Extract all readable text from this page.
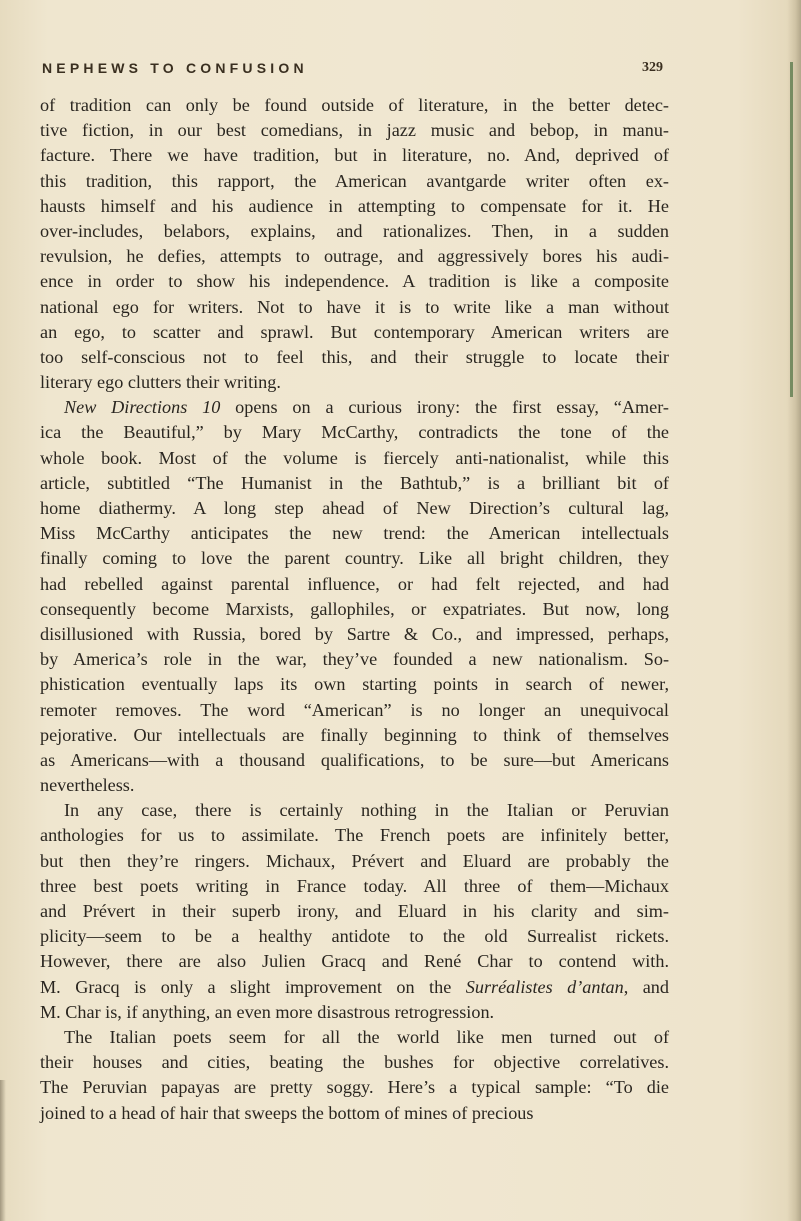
NEPHEWS TO CONFUSION	329
of tradition can only be found outside of literature, in the better detec-
tive fiction, in our best comedians, in jazz music and bebop, in manu-
facture. There we have tradition, but in literature, no. And, deprived of
this tradition, this rapport, the American avantgarde writer often ex-
hausts himself and his audience in attempting to compensate for it. He
over-includes, belabors, explains, and rationalizes. Then, in a sudden
revulsion, he defies, attempts to outrage, and aggressively bores his audi-
ence in order to show his independence. A tradition is like a composite
national ego for writers. Not to have it is to write like a man without
an ego, to scatter and sprawl. But contemporary American writers are
too self-conscious not to feel this, and their struggle to locate their
literary ego clutters their writing.
New Directions 10 opens on a curious irony: the first essay, “Amer-
ica the Beautiful,” by Mary McCarthy, contradicts the tone of the
whole book. Most of the volume is fiercely anti-nationalist, while this
article, subtitled “The Humanist in the Bathtub,” is a brilliant bit of
home diathermy. A long step ahead of New Direction’s cultural lag,
Miss McCarthy anticipates the new trend: the American intellectuals
finally coming to love the parent country. Like all bright children, they
had rebelled against parental influence, or had felt rejected, and had
consequently become Marxists, gallophiles, or expatriates. But now, long
disillusioned with Russia, bored by Sartre & Co., and impressed, perhaps,
by America’s role in the war, they’ve founded a new nationalism. So-
phistication eventually laps its own starting points in search of newer,
remoter removes. The word “American” is no longer an unequivocal
pejorative. Our intellectuals are finally beginning to think of themselves
as Americans—with a thousand qualifications, to be sure—but Americans
nevertheless.
In any case, there is certainly nothing in the Italian or Peruvian
anthologies for us to assimilate. The French poets are infinitely better,
but then they’re ringers. Michaux, Prévert and Eluard are probably the
three best poets writing in France today. All three of them—Michaux
and Prévert in their superb irony, and Eluard in his clarity and sim-
plicity—seem to be a healthy antidote to the old Surrealist rickets.
However, there are also Julien Gracq and René Char to contend with.
M. Gracq is only a slight improvement on the Surréalistes d’antan, and
M. Char is, if anything, an even more disastrous retrogression.
The Italian poets seem for all the world like men turned out of
their houses and cities, beating the bushes for objective correlatives.
The Peruvian papayas are pretty soggy. Here’s a typical sample: “To die
joined to a head of hair that sweeps the bottom of mines of precious
